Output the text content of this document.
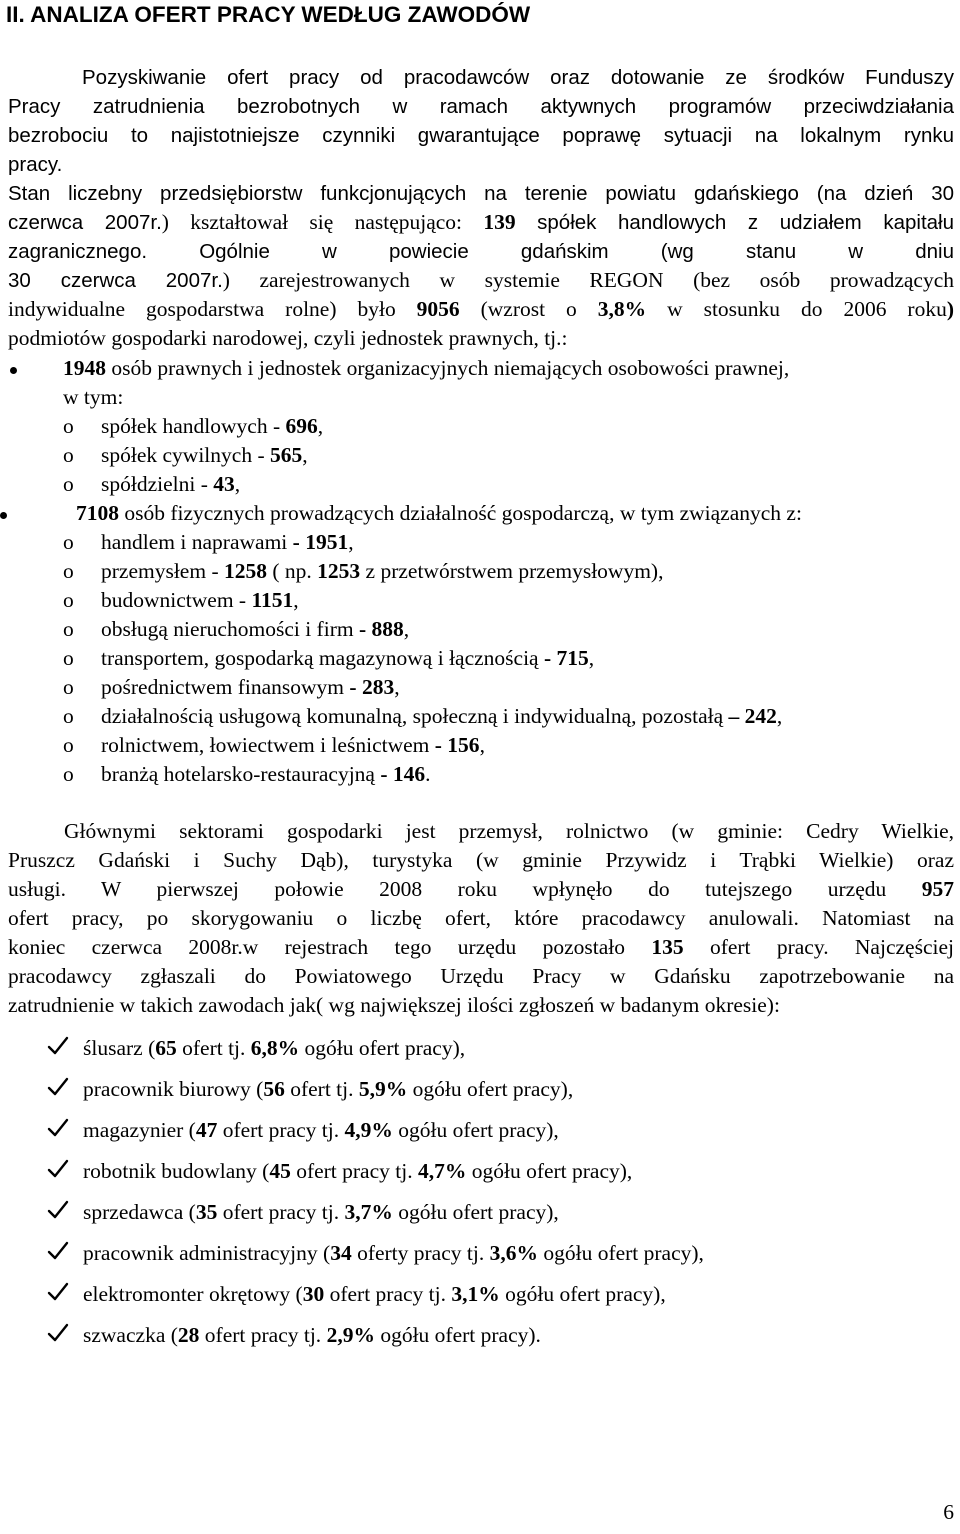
II. ANALIZA OFERT PRACY WEDŁUG ZAWODÓW
Pozyskiwanie ofert pracy od pracodawców oraz dotowanie ze środków Funduszy
Pracy zatrudnienia bezrobotnych w ramach aktywnych programów przeciwdziałania
bezrobociu to najistotniejsze czynniki gwarantujące poprawę sytuacji na lokalnym rynku
pracy.
Stan liczebny przedsiębiorstw funkcjonujących na terenie powiatu gdańskiego (na dzień 30
czerwca 2007r.) kształtował się następująco: 139 spółek handlowych z udziałem kapitału
zagranicznego. Ogólnie w powiecie gdańskim (wg stanu w dniu
30 czerwca 2007r.) zarejestrowanych w systemie REGON (bez osób prowadzących
indywidualne gospodarstwa rolne) było 9056 (wzrost o 3,8% w stosunku do 2006 roku)
podmiotów gospodarki narodowej, czyli jednostek prawnych, tj.:
1948 osób prawnych i jednostek organizacyjnych niemających osobowości prawnej,
w tym:
o spółek handlowych - 696,
o spółek cywilnych - 565,
o spółdzielni - 43,
7108 osób fizycznych prowadzących działalność gospodarczą, w tym związanych z:
o handlem i naprawami - 1951,
o przemysłem - 1258 ( np. 1253 z przetwórstwem przemysłowym),
o budownictwem - 1151,
o obsługą nieruchomości i firm - 888,
o transportem, gospodarką magazynową i łącznością - 715,
o pośrednictwem finansowym - 283,
o działalnością usługową komunalną, społeczną i indywidualną, pozostałą – 242,
o rolnictwem, łowiectwem i leśnictwem - 156,
o branżą hotelarsko-restauracyjną - 146.
Głównymi sektorami gospodarki jest przemysł, rolnictwo (w gminie: Cedry Wielkie,
Pruszcz Gdański i Suchy Dąb), turystyka (w gminie Przywidz i Trąbki Wielkie) oraz
usługi. W pierwszej połowie 2008 roku wpłynęło do tutejszego urzędu 957
ofert pracy, po skorygowaniu o liczbę ofert, które pracodawcy anulowali. Natomiast na
koniec czerwca 2008r.w rejestrach tego urzędu pozostało 135 ofert pracy. Najczęściej
pracodawcy zgłaszali do Powiatowego Urzędu Pracy w Gdańsku zapotrzebowanie na
zatrudnienie w takich zawodach jak( wg największej ilości zgłoszeń w badanym okresie):
ślusarz (65 ofert tj. 6,8% ogółu ofert pracy),
pracownik biurowy (56 ofert tj. 5,9% ogółu ofert pracy),
magazynier (47 ofert pracy tj. 4,9% ogółu ofert pracy),
robotnik budowlany (45 ofert pracy tj. 4,7% ogółu ofert pracy),
sprzedawca (35 ofert pracy tj. 3,7% ogółu ofert pracy),
pracownik administracyjny (34 oferty pracy tj. 3,6% ogółu ofert pracy),
elektromonter okrętowy (30 ofert pracy tj. 3,1% ogółu ofert pracy),
szwaczka (28 ofert pracy tj. 2,9% ogółu ofert pracy).
6
